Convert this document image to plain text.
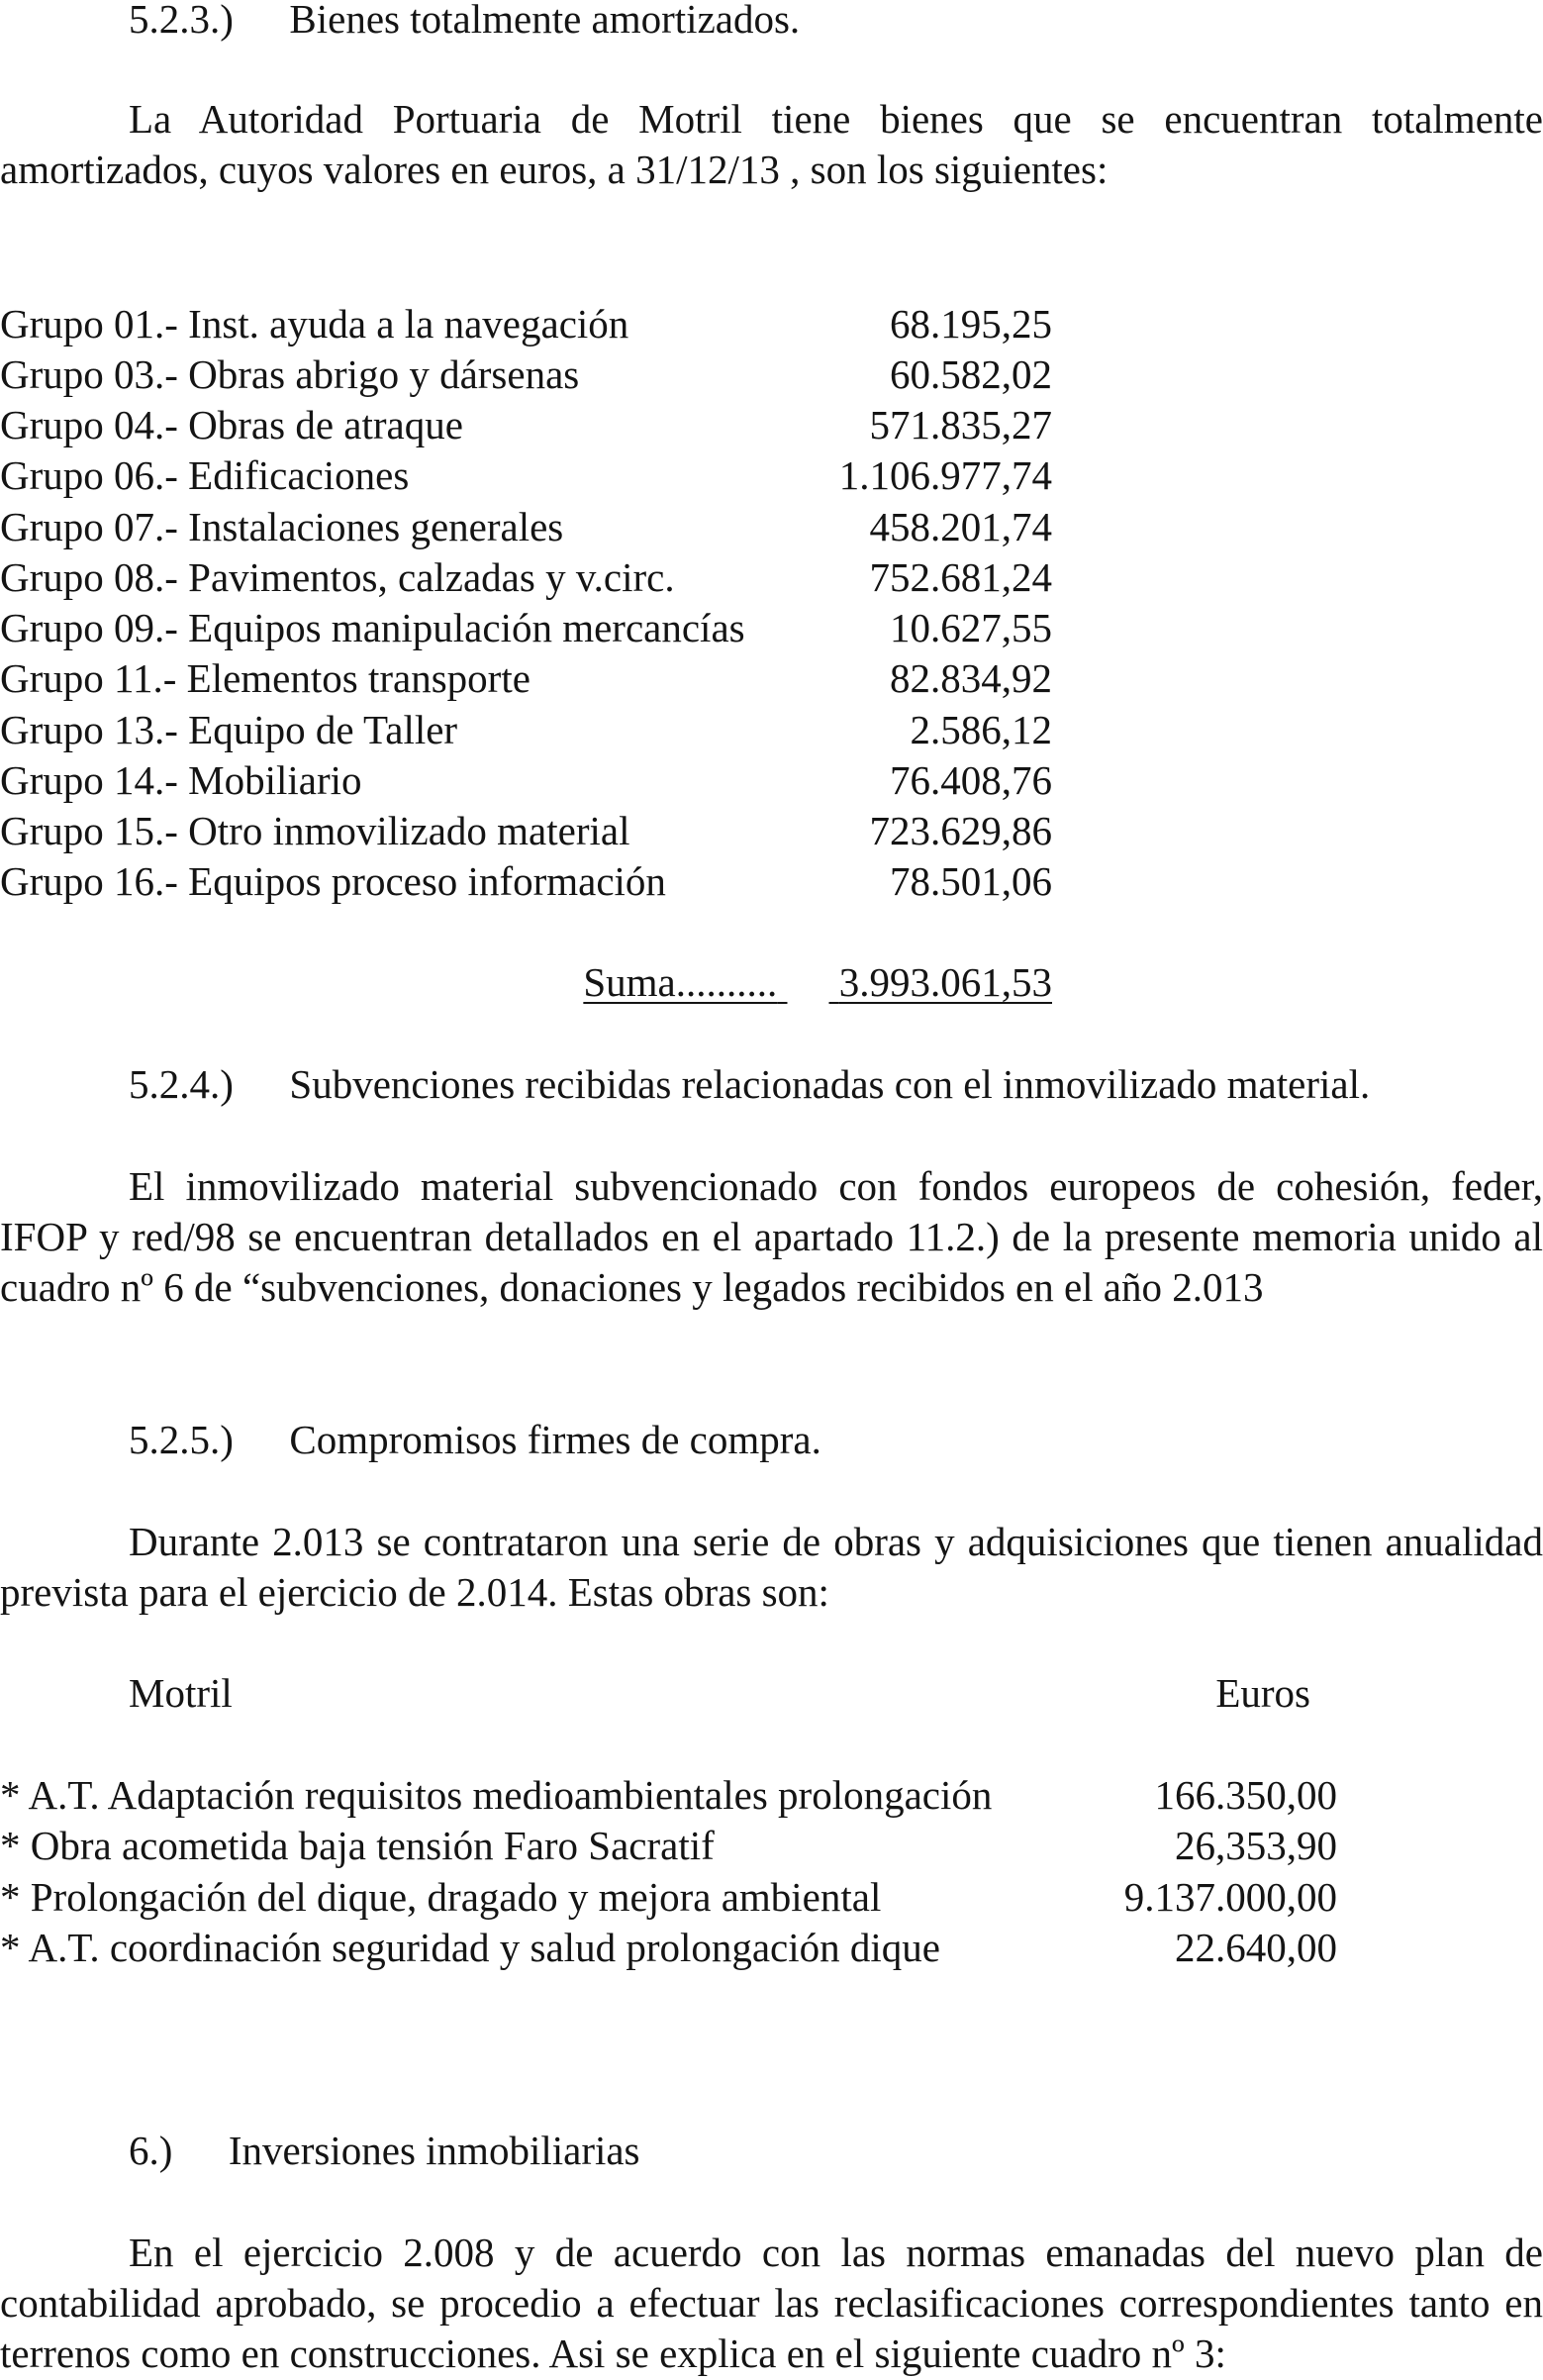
5.2.3.) Bienes totalmente amortizados.
La Autoridad Portuaria de Motril tiene bienes que se encuentran totalmente amortizados, cuyos valores en euros, a 31/12/13 , son los siguientes:
Grupo 01.- Inst. ayuda a la navegación	68.195,25
Grupo 03.- Obras abrigo y dársenas	60.582,02
Grupo 04.- Obras de atraque	571.835,27
Grupo 06.- Edificaciones	1.106.977,74
Grupo 07.- Instalaciones generales	458.201,74
Grupo 08.- Pavimentos, calzadas y v.circ.	752.681,24
Grupo 09.- Equipos manipulación mercancías	10.627,55
Grupo 11.- Elementos transporte	82.834,92
Grupo 13.- Equipo de Taller	2.586,12
Grupo 14.- Mobiliario	76.408,76
Grupo 15.- Otro inmovilizado material	723.629,86
Grupo 16.- Equipos proceso información	78.501,06
Suma.......... 3.993.061,53
5.2.4.) Subvenciones recibidas relacionadas con el inmovilizado material.
El inmovilizado material subvencionado con fondos europeos de cohesión, feder, IFOP y red/98 se encuentran detallados en el apartado 11.2.) de la presente memoria unido al cuadro nº 6 de “subvenciones, donaciones y legados recibidos en el año 2.013
5.2.5.) Compromisos firmes de compra.
Durante 2.013 se contrataron una serie de obras y adquisiciones que tienen anualidad prevista para el ejercicio de 2.014. Estas obras son:
Motril	Euros
* A.T. Adaptación requisitos medioambientales prolongación	166.350,00
* Obra acometida baja tensión Faro Sacratif	26,353,90
* Prolongación del dique, dragado y mejora ambiental	9.137.000,00
* A.T. coordinación seguridad y salud prolongación dique	22.640,00
6.) Inversiones inmobiliarias
En el ejercicio 2.008 y de acuerdo con las normas emanadas del nuevo plan de contabilidad aprobado, se procedio a efectuar las reclasificaciones correspondientes tanto en terrenos como en construcciones. Asi se explica en el siguiente cuadro nº 3:
